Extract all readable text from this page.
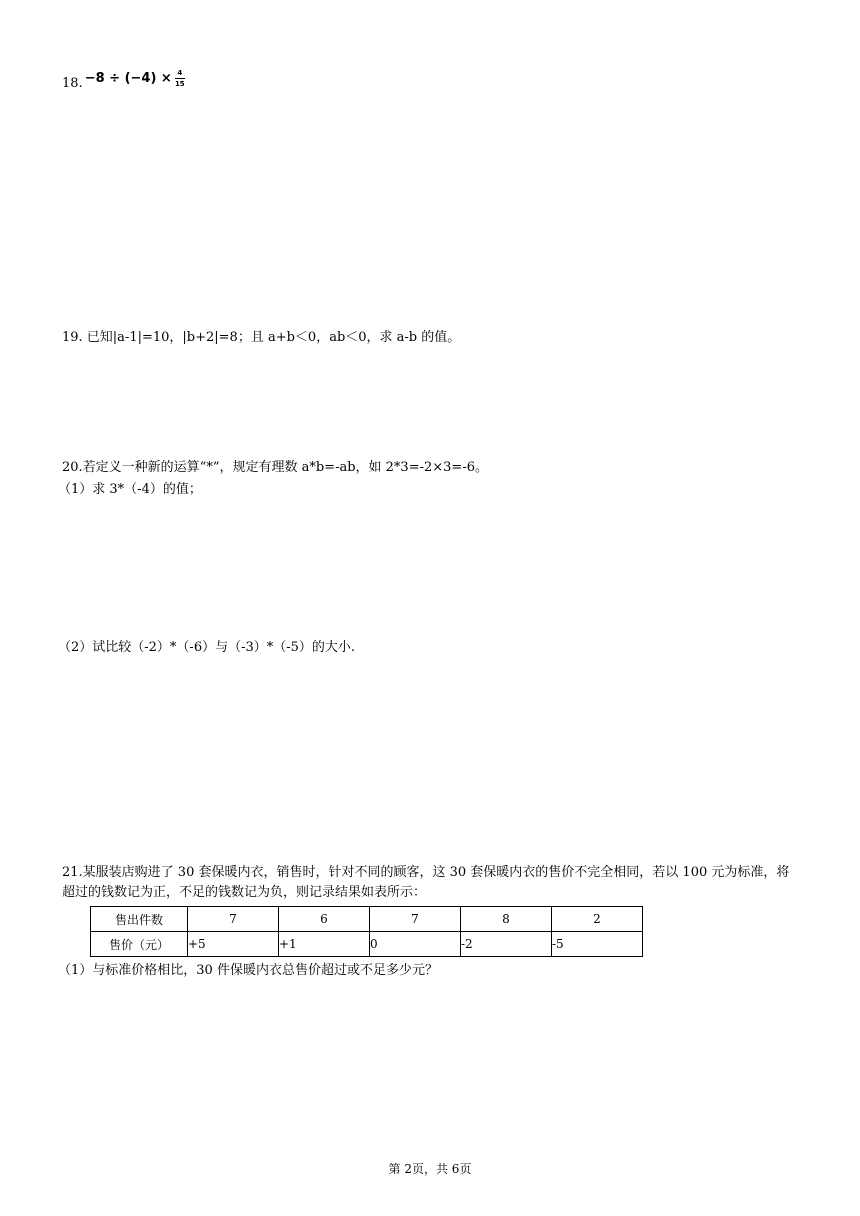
18. $-8 \div (-4) \times \frac{4}{15}$
19. 已知|a-1|=10，|b+2|=8；且 a+b＜0，ab＜0，求 a-b 的值。
20.若定义一种新的运算“*”，规定有理数 a*b=-ab，如 2*3=-2×3=-6。
（1）求 3*（-4）的值；
（2）试比较（-2）*（-6）与（-3）*（-5）的大小.
21.某服装店购进了 30 套保暖内衣，销售时，针对不同的顾客，这 30 套保暖内衣的售价不完全相同，若以 100 元为标准，将超过的钱数记为正，不足的钱数记为负，则记录结果如表所示：
售出件数	7	6	7	8	2
售价（元）	+5	+1	0	-2	-5
（1）与标准价格相比，30 件保暖内衣总售价超过或不足多少元？
第 2页，共 6页
